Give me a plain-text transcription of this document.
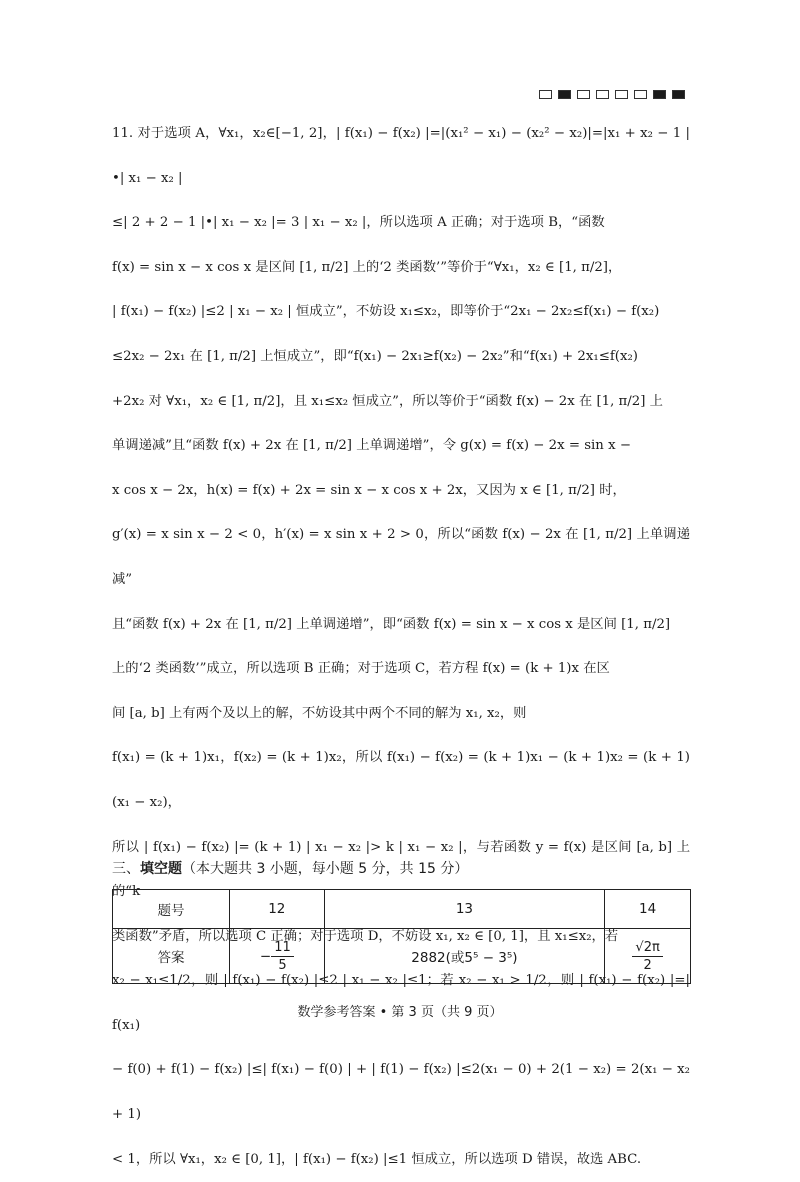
11. 对于选项 A，∀x₁，x₂∈[−1, 2]，| f(x₁) − f(x₂) |=|(x₁² − x₁) − (x₂² − x₂)|=|x₁ + x₂ − 1 |•| x₁ − x₂ |

≤| 2 + 2 − 1 |•| x₁ − x₂ |= 3 | x₁ − x₂ |，所以选项 A 正确；对于选项 B，“函数

f(x) = sin x − x cos x 是区间 [1, π/2] 上的‘2 类函数’”等价于“∀x₁，x₂ ∈ [1, π/2]，

| f(x₁) − f(x₂) |≤2 | x₁ − x₂ | 恒成立”，不妨设 x₁≤x₂，即等价于“2x₁ − 2x₂≤f(x₁) − f(x₂)

≤2x₂ − 2x₁ 在 [1, π/2] 上恒成立”，即“f(x₁) − 2x₁≥f(x₂) − 2x₂”和“f(x₁) + 2x₁≤f(x₂)

+2x₂ 对 ∀x₁，x₂ ∈ [1, π/2]，且 x₁≤x₂ 恒成立”，所以等价于“函数 f(x) − 2x 在 [1, π/2] 上

单调递减”且“函数 f(x) + 2x 在 [1, π/2] 上单调递增”，令 g(x) = f(x) − 2x = sin x −

x cos x − 2x，h(x) = f(x) + 2x = sin x − x cos x + 2x，又因为 x ∈ [1, π/2] 时，

g′(x) = x sin x − 2 < 0，h′(x) = x sin x + 2 > 0，所以“函数 f(x) − 2x 在 [1, π/2] 上单调递减”

且“函数 f(x) + 2x 在 [1, π/2] 上单调递增”，即“函数 f(x) = sin x − x cos x 是区间 [1, π/2]

上的‘2 类函数’”成立，所以选项 B 正确；对于选项 C，若方程 f(x) = (k + 1)x 在区

间 [a, b] 上有两个及以上的解，不妨设其中两个不同的解为 x₁, x₂，则

f(x₁) = (k + 1)x₁，f(x₂) = (k + 1)x₂，所以 f(x₁) − f(x₂) = (k + 1)x₁ − (k + 1)x₂ = (k + 1)(x₁ − x₂)，

所以 | f(x₁) − f(x₂) |= (k + 1) | x₁ − x₂ |> k | x₁ − x₂ |，与若函数 y = f(x) 是区间 [a, b] 上的“k

类函数”矛盾，所以选项 C 正确；对于选项 D，不妨设 x₁, x₂ ∈ [0, 1]，且 x₁≤x₂，若

x₂ − x₁≤1/2，则 | f(x₁) − f(x₂) |≤2 | x₁ − x₂ |≤1；若 x₂ − x₁ > 1/2，则 | f(x₁) − f(x₂) |=| f(x₁)

− f(0) + f(1) − f(x₂) |≤| f(x₁) − f(0) | + | f(1) − f(x₂) |≤2(x₁ − 0) + 2(1 − x₂) = 2(x₁ − x₂ + 1)

< 1，所以 ∀x₁，x₂ ∈ [0, 1]，| f(x₁) − f(x₂) |≤1 恒成立，所以选项 D 错误，故选 ABC.

三、填空题（本大题共 3 小题，每小题 5 分，共 15 分）
题号	12	13	14
答案	− $\frac{11}{5}$	2882(或5⁵ − 3⁵)	$\frac{√2\pi}{2}$
数学参考答案 • 第 3 页（共 9 页）
